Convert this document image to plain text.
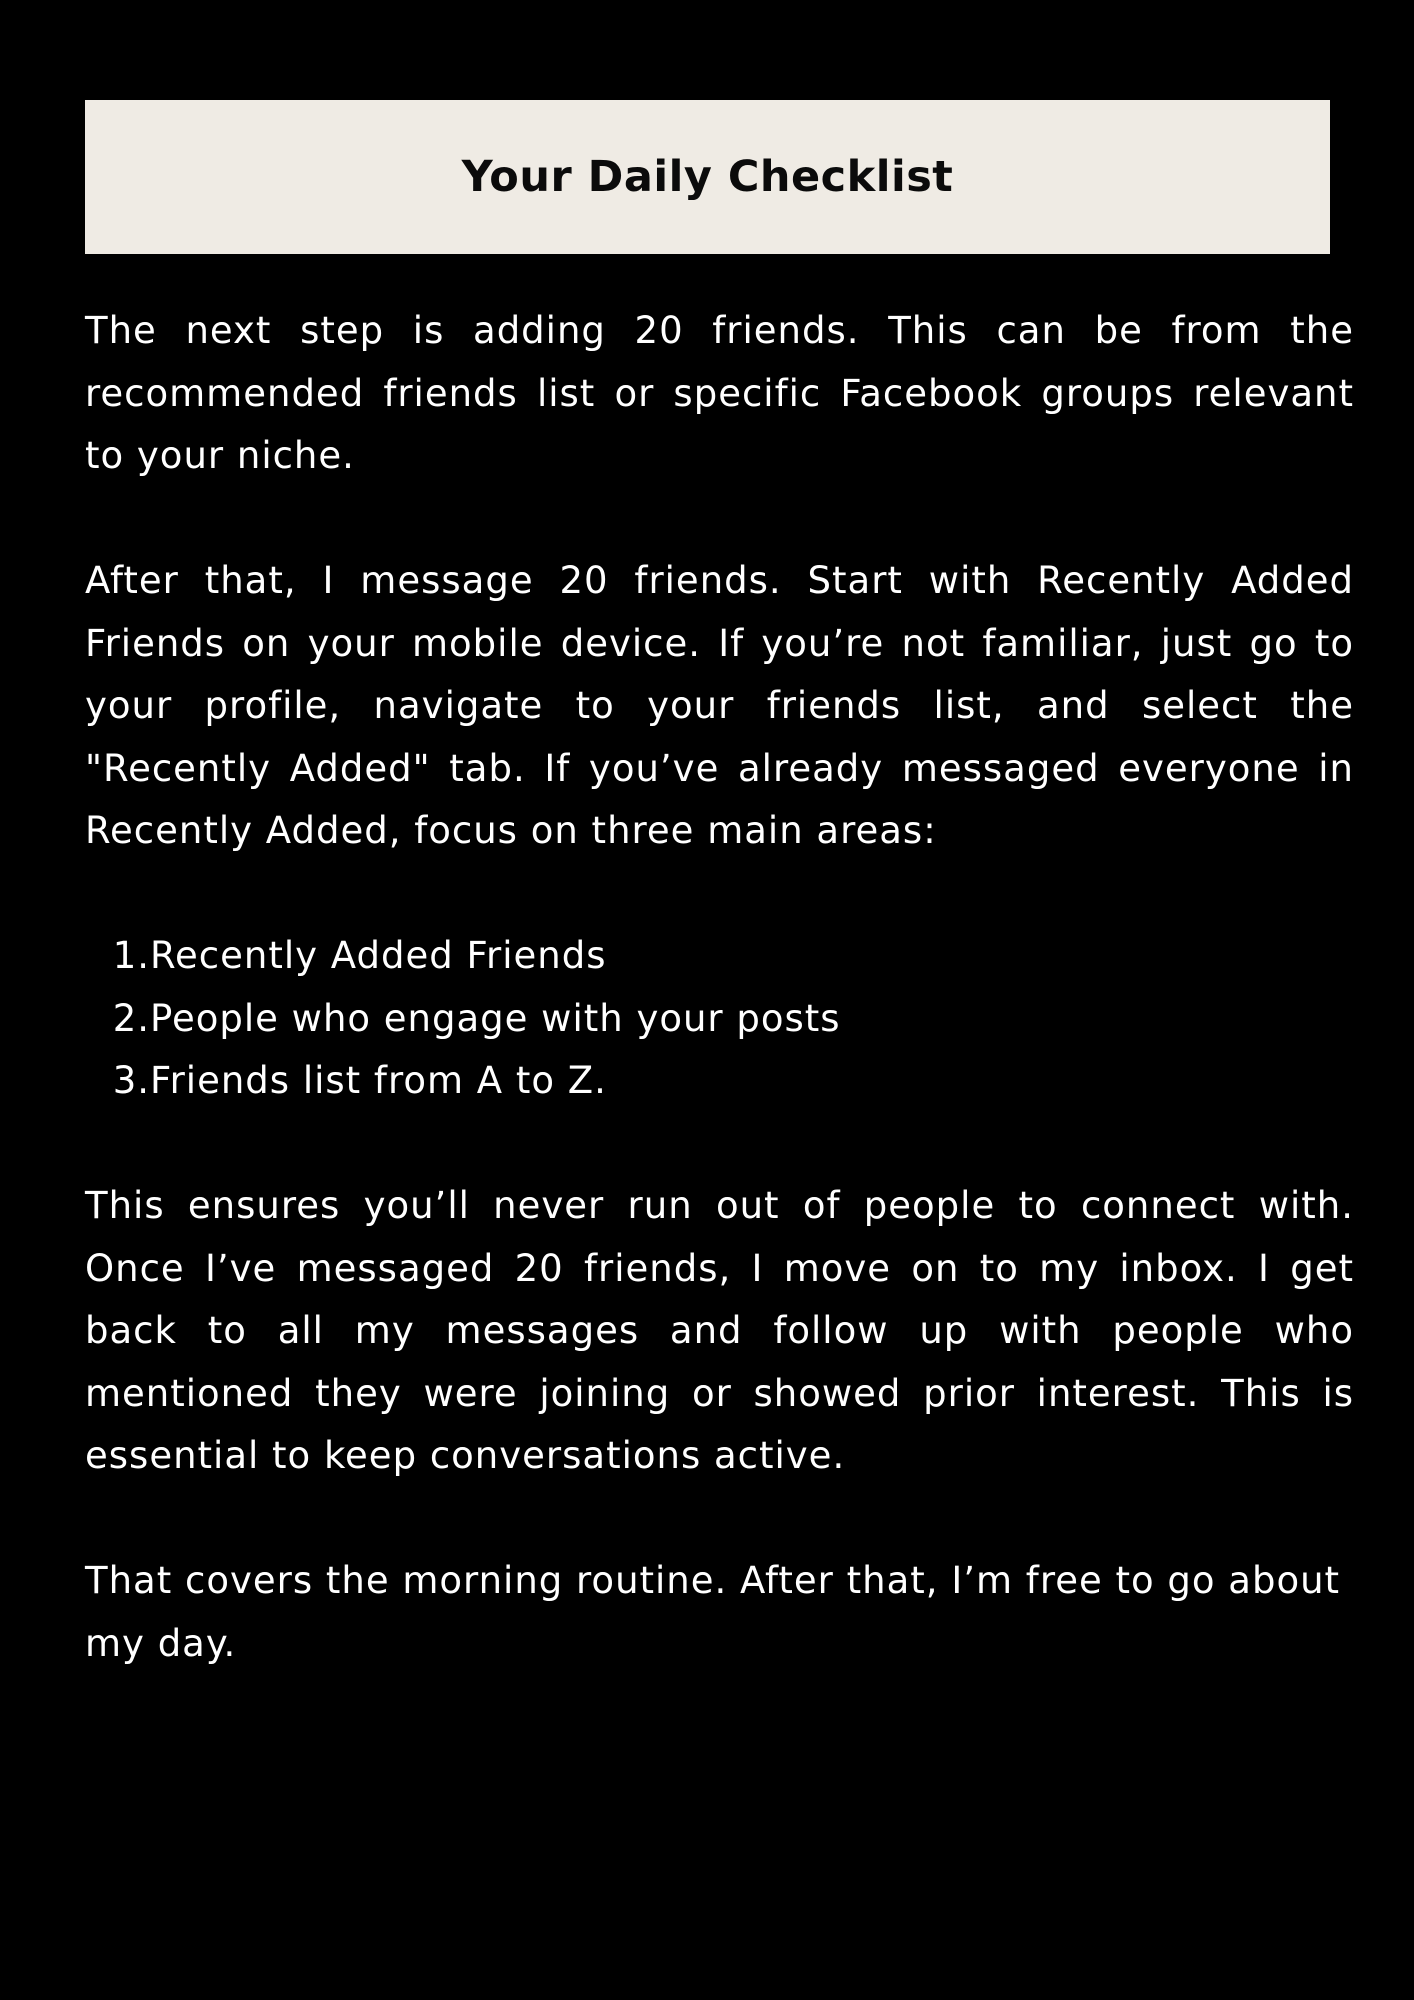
Your Daily Checklist

The next step is adding 20 friends. This can be from the recommended friends list or specific Facebook groups relevant to your niche.

After that, I message 20 friends. Start with Recently Added Friends on your mobile device. If you’re not familiar, just go to your profile, navigate to your friends list, and select the "Recently Added" tab. If you’ve already messaged everyone in Recently Added, focus on three main areas:

1. Recently Added Friends
2. People who engage with your posts
3. Friends list from A to Z.

This ensures you’ll never run out of people to connect with. Once I’ve messaged 20 friends, I move on to my inbox. I get back to all my messages and follow up with people who mentioned they were joining or showed prior interest. This is essential to keep conversations active.

That covers the morning routine. After that, I’m free to go about my day.
